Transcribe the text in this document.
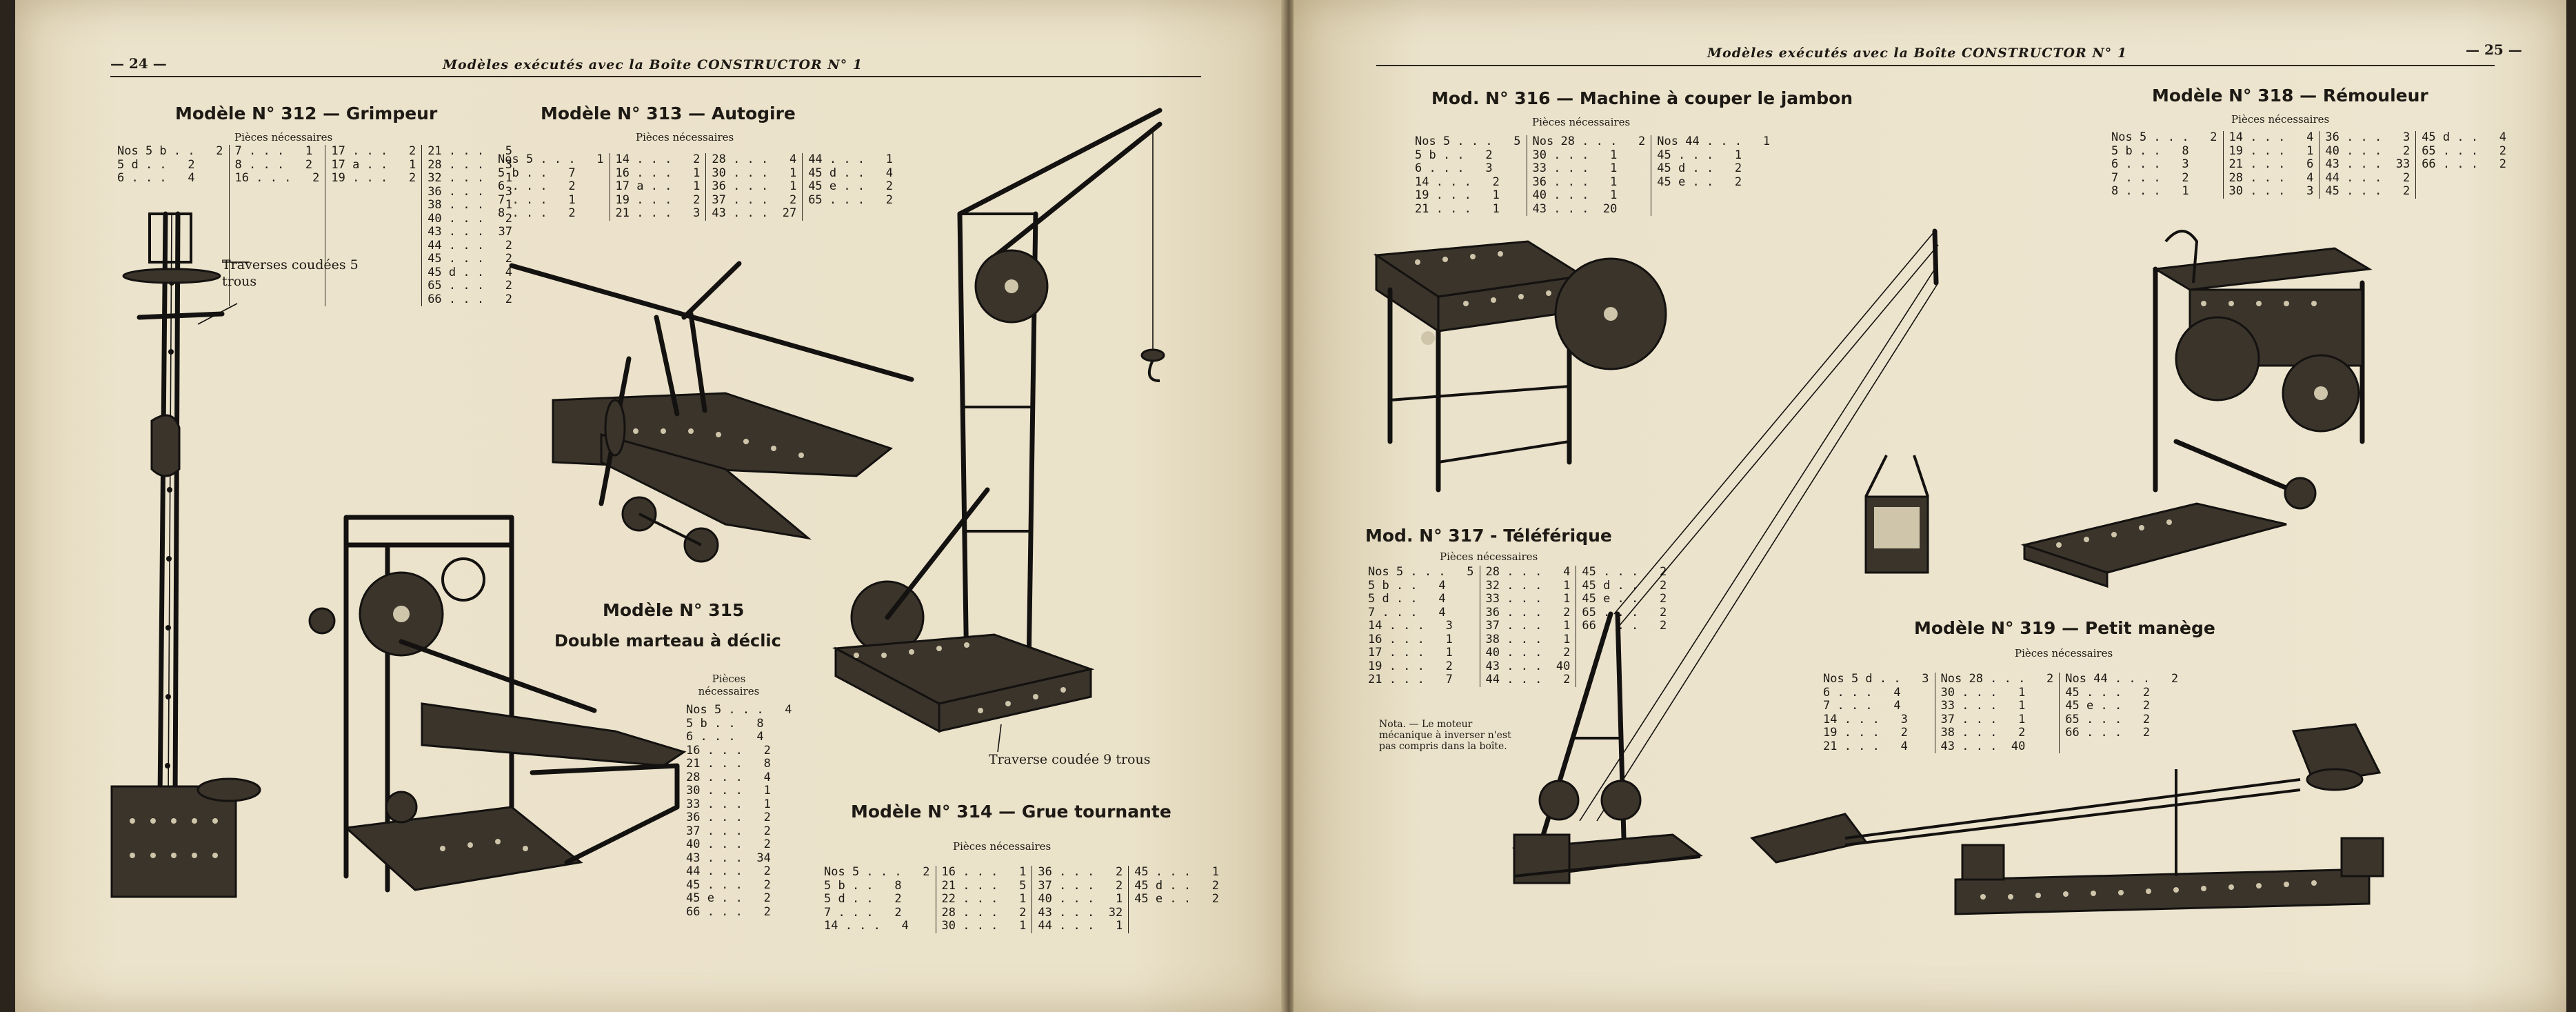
— 24 —	Modèles exécutés avec la Boîte CONSTRUCTOR N° 1
Modèle N° 312 — Grimpeur
Pièces nécessaires
Nos 5 b . .   2
5 d . .   2
6 . . .   4
7 . . .   1
8 . . .   2
16 . . .   2
17 . . .   2
17 a . .   1
19 . . .   2
21 . . .   5
28 . . .   3
32 . . .   1
36 . . .   3
38 . . .   1
40 . . .   2
43 . . .  37
44 . . .   2
45 . . .   2
45 d . .   4
65 . . .   2
66 . . .   2
Traverses coudées 5 trous
Modèle N° 313 — Autogire
Pièces nécessaires
Nos 5 . . .   1
5 b . .   7
6 . . .   2
7 . . .   1
8 . . .   2
14 . . .   2
16 . . .   1
17 a . .   1
19 . . .   2
21 . . .   3
28 . . .   4
30 . . .   1
36 . . .   1
37 . . .   2
43 . . .  27
44 . . .   1
45 d . .   4
45 e . .   2
65 . . .   2
Modèle N° 315
Double marteau à déclic
Pièces nécessaires
Nos 5 . . .   4
5 b . .   8
6 . . .   4
16 . . .   2
21 . . .   8
28 . . .   4
30 . . .   1
33 . . .   1
36 . . .   2
37 . . .   2
40 . . .   2
43 . . .  34
44 . . .   2
45 . . .   2
45 e . .   2
66 . . .   2
Modèle N° 314 — Grue tournante
Pièces nécessaires
Nos 5 . . .   2
5 b . .   8
5 d . .   2
7 . . .   2
14 . . .   4
16 . . .   1
21 . . .   5
22 . . .   1
28 . . .   2
30 . . .   1
36 . . .   2
37 . . .   2
40 . . .   1
43 . . .  32
44 . . .   1
45 . . .   1
45 d . .   2
45 e . .   2
Traverse coudée 9 trous
Modèles exécutés avec la Boîte CONSTRUCTOR N° 1	— 25 —
Mod. N° 316 — Machine à couper le jambon
Pièces nécessaires
Nos 5 . . .   5
5 b . .   2
6 . . .   3
14 . . .   2
19 . . .   1
21 . . .   1
Nos 28 . . .   2
30 . . .   1
33 . . .   1
36 . . .   1
40 . . .   1
43 . . .  20
Nos 44 . . .   1
45 . . .   1
45 d . .   2
45 e . .   2
Modèle N° 318 — Rémouleur
Pièces nécessaires
Nos 5 . . .   2
5 b . .   8
6 . . .   3
7 . . .   2
8 . . .   1
14 . . .   4
19 . . .   1
21 . . .   6
28 . . .   4
30 . . .   3
36 . . .   3
40 . . .   2
43 . . .  33
44 . . .   2
45 . . .   2
45 d . .   4
65 . . .   2
66 . . .   2
Mod. N° 317 - Téléférique
Pièces nécessaires
Nos 5 . . .   5
5 b . .   4
5 d . .   4
7 . . .   4
14 . . .   3
16 . . .   1
17 . . .   1
19 . . .   2
21 . . .   7
28 . . .   4
32 . . .   1
33 . . .   1
36 . . .   2
37 . . .   1
38 . . .   1
40 . . .   2
43 . . .  40
44 . . .   2
45 . . .   2
45 d . .   2
45 e . .   2
65 . . .   2
66 . . .   2
Nota. — Le moteur mécanique à inverser n'est pas compris dans la boîte.
Modèle N° 319 — Petit manège
Pièces nécessaires
Nos 5 d . .   3
6 . . .   4
7 . . .   4
14 . . .   3
19 . . .   2
21 . . .   4
Nos 28 . . .   2
30 . . .   1
33 . . .   1
37 . . .   1
38 . . .   2
43 . . .  40
Nos 44 . . .   2
45 . . .   2
45 e . .   2
65 . . .   2
66 . . .   2
